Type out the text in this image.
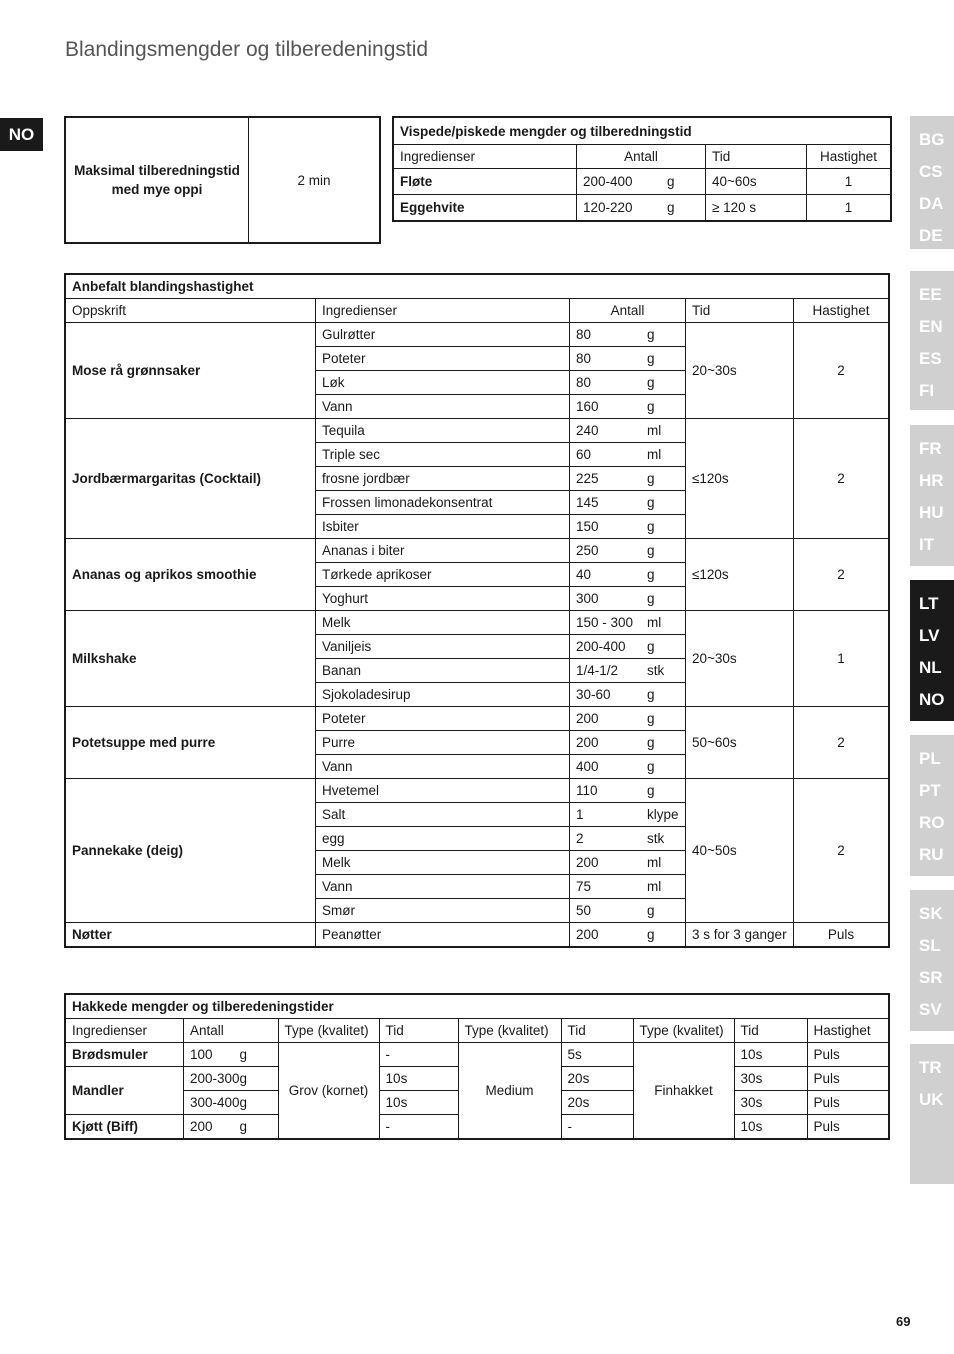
Blandingsmengder og tilberedeningstid
NO	BG
CS
DA
DE
EE
EN
ES
FI
FR
HR
HU
IT
LT
LV
NL
NO
PL
PT
RO
RU
SK
SL
SR
SV
TR
UK
Maksimal tilberedningstid med mye oppi	2 min
Vispede/piskede mengder og tilberedningstid			
Ingredienser	Antall	Tid	Hastighet
Fløte	200-400 g	40~60s	1
Eggehvite	120-220 g	≥ 120 s	1
Anbefalt blandingshastighet				
Oppskrift	Ingredienser	Antall	Tid	Hastighet
Mose rå grønnsaker	Gulrøtter	80 g	20~30s	2
	Poteter	80 g		

	Løk	80 g		

	Vann	160 g		

Jordbærmargaritas (Cocktail)	Tequila	240 ml	≤120s	2
	Triple sec	60 ml		

	frosne jordbær	225 g		

	Frossen limonadekonsentrat	145 g		

	Isbiter	150 g		

Ananas og aprikos smoothie	Ananas i biter	250 g	≤120s	2
	Tørkede aprikoser	40 g		

	Yoghurt	300 g		

Milkshake	Melk	150 - 300 ml	20~30s	1
	Vaniljeis	200-400 g		

	Banan	1/4-1/2 stk		

	Sjokoladesirup	30-60 g		

Potetsuppe med purre	Poteter	200 g	50~60s	2
	Purre	200 g		

	Vann	400 g		

Pannekake (deig)	Hvetemel	110 g	40~50s	2
	Salt	1 klype		

	egg	2 stk		

	Melk	200 ml		

	Vann	75 ml		

	Smør	50 g		

Nøtter	Peanøtter	200 g	3 s for 3 ganger	Puls
Hakkede mengder og tilberedeningstider								
Ingredienser	Antall	Type (kvalitet)	Tid	Type (kvalitet)	Tid	Type (kvalitet)	Tid	Hastighet
Brødsmuler	100 g	Grov (kornet)	-	Medium	5s	Finhakket	10s	Puls
Mandler	200-300 g		10s		20s		30s	Puls

	300-400 g		10s		20s		30s	Puls
Kjøtt (Biff)	200 g		-		-		10s	Puls
69
